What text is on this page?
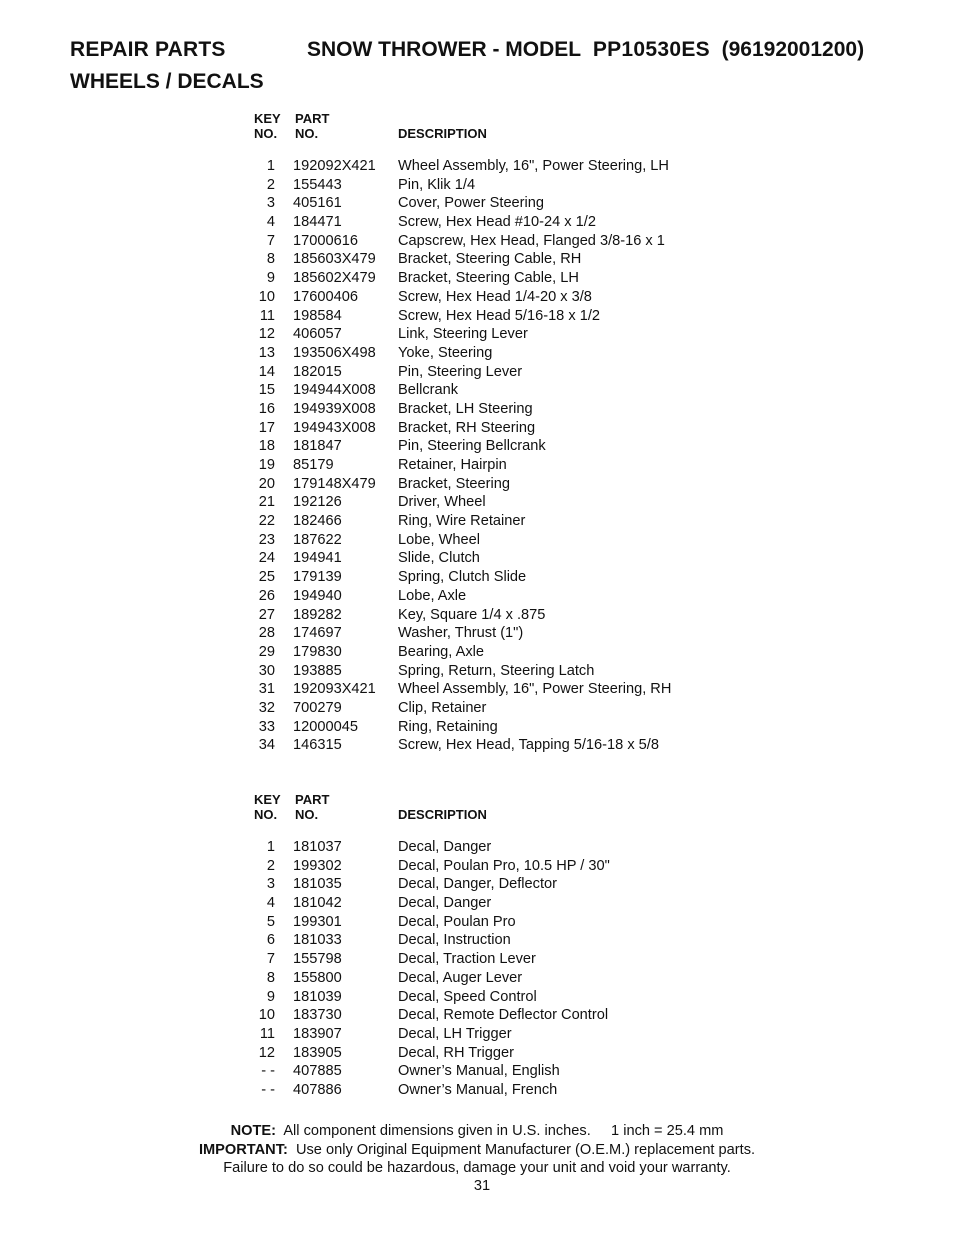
REPAIR PARTS	SNOW THROWER - MODEL PP10530ES (96192001200)
WHEELS / DECALS
KEY
NO.
PART
NO.	DESCRIPTION
1 192092X421 Wheel Assembly, 16", Power Steering, LH
2 155443	Pin, Klik 1/4
3 405161	Cover, Power Steering
4 184471	Screw, Hex Head #10-24 x 1/2
7 17000616	Capscrew, Hex Head, Flanged 3/8-16 x 1
8 185603X479 Bracket, Steering Cable, RH
9 185602X479 Bracket, Steering Cable, LH
10 17600406	Screw, Hex Head 1/4-20 x 3/8
11 198584	Screw, Hex Head 5/16-18 x 1/2
12 406057	Link, Steering Lever
13 193506X498 Yoke, Steering
14 182015	Pin, Steering Lever
15 194944X008 Bellcrank
16 194939X008 Bracket, LH Steering
17 194943X008 Bracket, RH Steering
18 181847	Pin, Steering Bellcrank
19 85179	Retainer, Hairpin
20 179148X479 Bracket, Steering
21 192126	Driver, Wheel
22 182466	Ring, Wire Retainer
23 187622	Lobe, Wheel
24 194941	Slide, Clutch
25 179139	Spring, Clutch Slide
26 194940	Lobe, Axle
27 189282	Key, Square 1/4 x .875
28 174697	Washer, Thrust (1")
29 179830	Bearing, Axle
30 193885	Spring, Return, Steering Latch
31 192093X421 Wheel Assembly, 16", Power Steering, RH
32 700279	Clip, Retainer
33 12000045	Ring, Retaining
34 146315	Screw, Hex Head, Tapping 5/16-18 x 5/8
KEY
NO.
PART
NO.	DESCRIPTION
1 181037	Decal, Danger
2 199302	Decal, Poulan Pro, 10.5 HP / 30"
3 181035	Decal, Danger, Deflector
4 181042	Decal, Danger
5 199301	Decal, Poulan Pro
6 181033	Decal, Instruction
7 155798	Decal, Traction Lever
8 155800	Decal, Auger Lever
9 181039	Decal, Speed Control
10 183730	Decal, Remote Deflector Control
11 183907	Decal, LH Trigger
12 183905	Decal, RH Trigger
- - 407885	Owner’s Manual, English
- - 407886	Owner’s Manual, French
NOTE: All component dimensions given in U.S. inches.     1 inch = 25.4 mm
IMPORTANT: Use only Original Equipment Manufacturer (O.E.M.) replacement parts.
Failure to do so could be hazardous, damage your unit and void your warranty.
31
